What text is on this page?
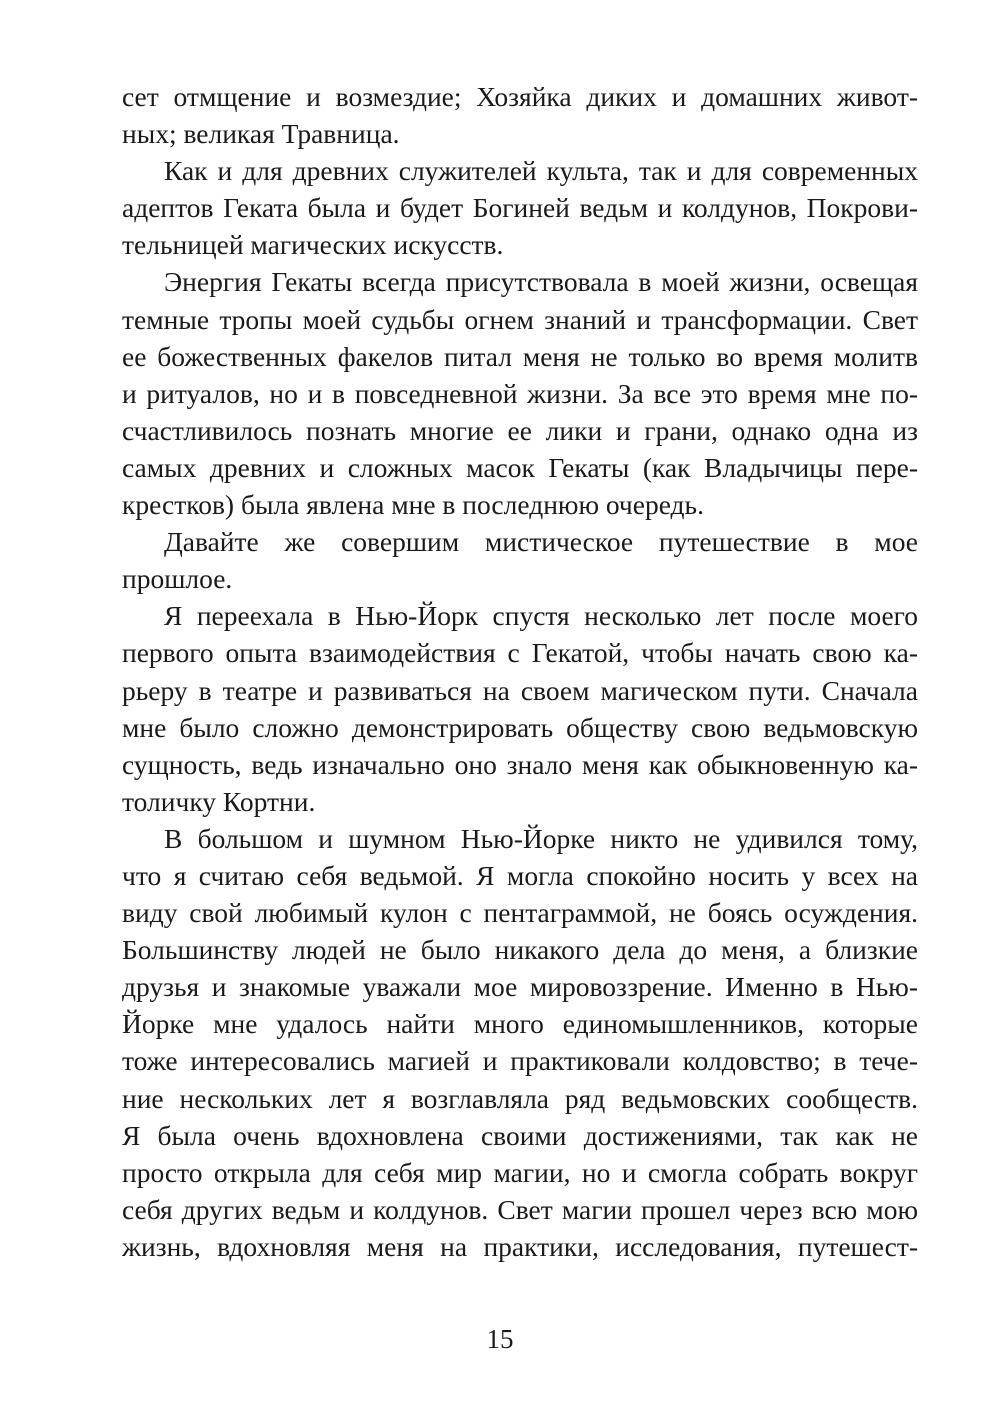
сет отмщение и возмездие; Хозяйка диких и домашних живот-
ных; великая Травница.

Как и для древних служителей культа, так и для современных
адептов Геката была и будет Богиней ведьм и колдунов, Покрови-
тельницей магических искусств.

Энергия Гекаты всегда присутствовала в моей жизни, освещая
темные тропы моей судьбы огнем знаний и трансформации. Свет
ее божественных факелов питал меня не только во время молитв
и ритуалов, но и в повседневной жизни. За все это время мне по-
счастливилось познать многие ее лики и грани, однако одна из
самых древних и сложных масок Гекаты (как Владычицы пере-
крестков) была явлена мне в последнюю очередь.

Давайте же совершим мистическое путешествие в мое
прошлое.

Я переехала в Нью-Йорк спустя несколько лет после моего
первого опыта взаимодействия с Гекатой, чтобы начать свою ка-
рьеру в театре и развиваться на своем магическом пути. Сначала
мне было сложно демонстрировать обществу свою ведьмовскую
сущность, ведь изначально оно знало меня как обыкновенную ка-
толичку Кортни.

В большом и шумном Нью-Йорке никто не удивился тому,
что я считаю себя ведьмой. Я могла спокойно носить у всех на
виду свой любимый кулон с пентаграммой, не боясь осуждения.
Большинству людей не было никакого дела до меня, а близкие
друзья и знакомые уважали мое мировоззрение. Именно в Нью-
Йорке мне удалось найти много единомышленников, которые
тоже интересовались магией и практиковали колдовство; в тече-
ние нескольких лет я возглавляла ряд ведьмовских сообществ.
Я была очень вдохновлена своими достижениями, так как не
просто открыла для себя мир магии, но и смогла собрать вокруг
себя других ведьм и колдунов. Свет магии прошел через всю мою
жизнь, вдохновляя меня на практики, исследования, путешест-

15
